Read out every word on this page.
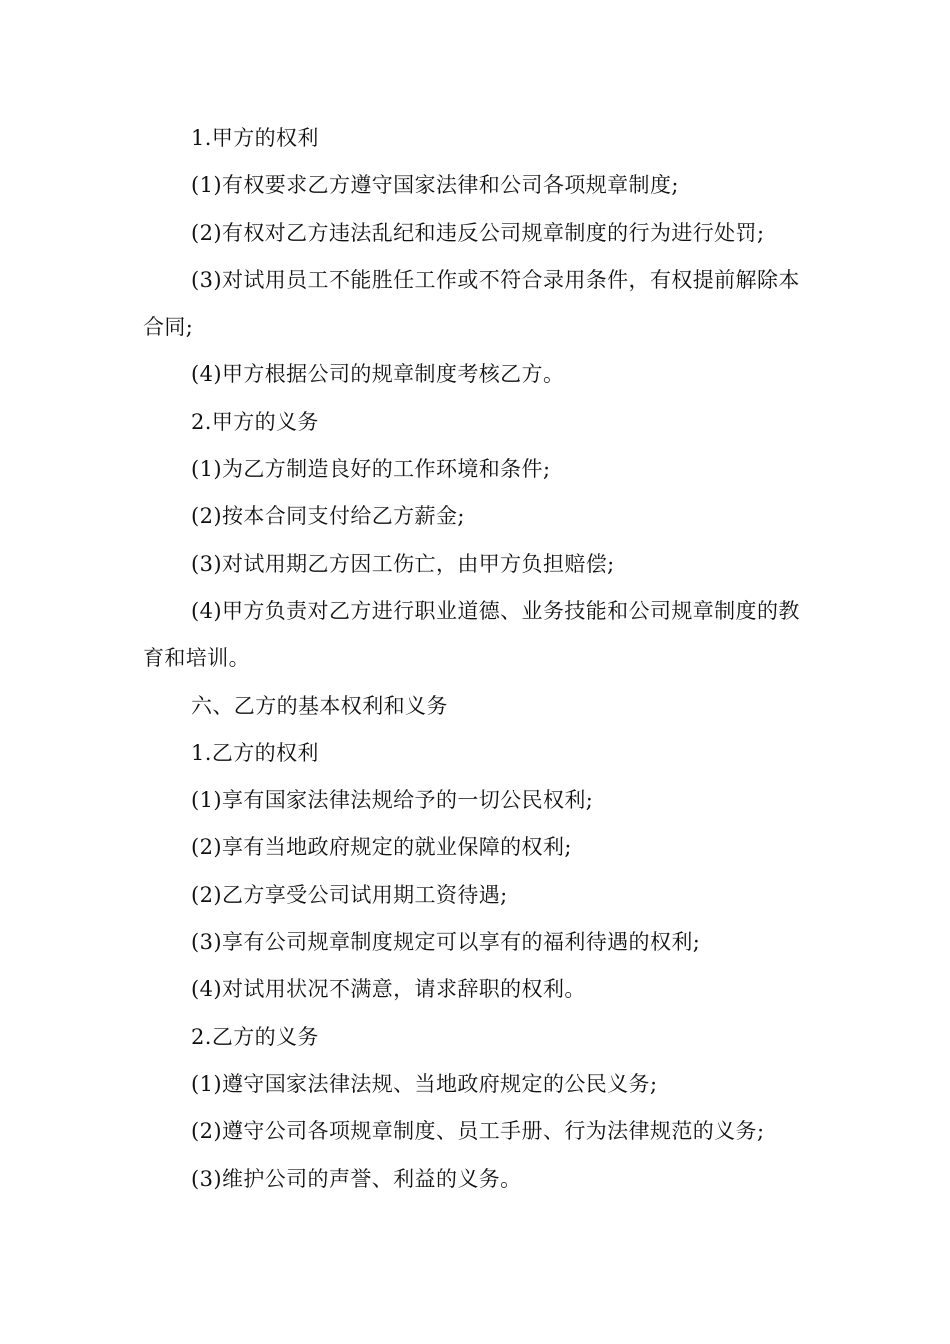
1.甲方的权利

(1)有权要求乙方遵守国家法律和公司各项规章制度;

(2)有权对乙方违法乱纪和违反公司规章制度的行为进行处罚;

(3)对试用员工不能胜任工作或不符合录用条件，有权提前解除本合同;

(4)甲方根据公司的规章制度考核乙方。

2.甲方的义务

(1)为乙方制造良好的工作环境和条件;

(2)按本合同支付给乙方薪金;

(3)对试用期乙方因工伤亡，由甲方负担赔偿;

(4)甲方负责对乙方进行职业道德、业务技能和公司规章制度的教育和培训。

六、乙方的基本权利和义务

1.乙方的权利

(1)享有国家法律法规给予的一切公民权利;

(2)享有当地政府规定的就业保障的权利;

(2)乙方享受公司试用期工资待遇;

(3)享有公司规章制度规定可以享有的福利待遇的权利;

(4)对试用状况不满意，请求辞职的权利。

2.乙方的义务

(1)遵守国家法律法规、当地政府规定的公民义务;

(2)遵守公司各项规章制度、员工手册、行为法律规范的义务;

(3)维护公司的声誉、利益的义务。
